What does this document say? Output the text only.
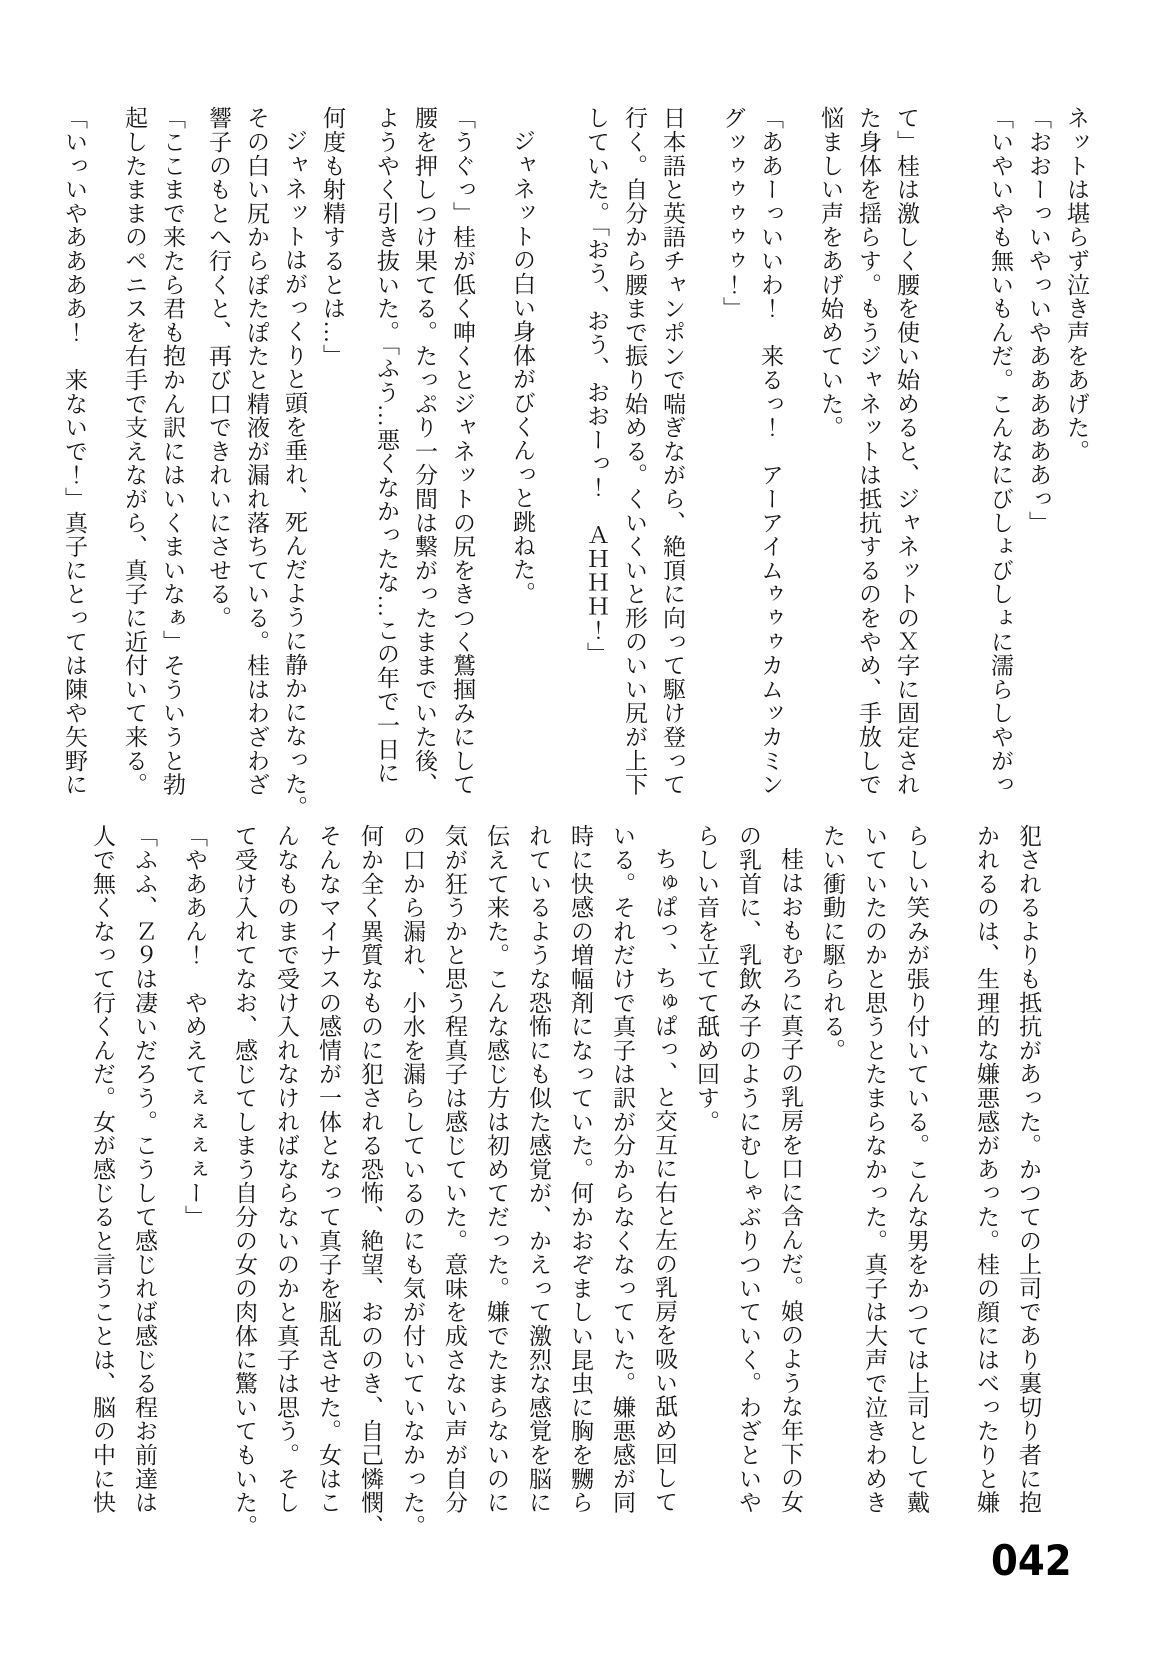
ネットは堪らず泣き声をあげた。
「おおーっいやっいやああああああっ」
「いやいやも無いもんだ。こんなにびしょびしょに濡らしやがっ
て」桂は激しく腰を使い始めると、ジャネットのＸ字に固定され
た身体を揺らす。もうジャネットは抵抗するのをやめ、手放しで
悩ましい声をあげ始めていた。
「ああーっいいわ！　来るっ！　アーアイムゥゥゥカムッカミン
グッゥゥゥゥゥ！」
日本語と英語チャンポンで喘ぎながら、絶頂に向って駆け登って
行く。自分から腰まで振り始める。くいくいと形のいい尻が上下
していた。「おう、おう、おおーっ！　ＡＨＨＨ！」
ジャネットの白い身体がびくんっと跳ねた。
「うぐっ」桂が低く呻くとジャネットの尻をきつく鷲掴みにして
腰を押しつけ果てる。たっぷり一分間は繋がったままでいた後、
ようやく引き抜いた。「ふう…悪くなかったな…この年で一日に
何度も射精するとは…」
ジャネットはがっくりと頭を垂れ、死んだように静かになった。
その白い尻からぽたぽたと精液が漏れ落ちている。桂はわざわざ
響子のもとへ行くと、再び口できれいにさせる。
「ここまで来たら君も抱かん訳にはいくまいなぁ」そういうと勃
起したままのペニスを右手で支えながら、真子に近付いて来る。
「いっいやああああ！　来ないで！」真子にとっては陳や矢野に
犯されるよりも抵抗があった。かつての上司であり裏切り者に抱
かれるのは、生理的な嫌悪感があった。桂の顔にはべったりと嫌
らしい笑みが張り付いている。こんな男をかつては上司として戴
いていたのかと思うとたまらなかった。真子は大声で泣きわめき
たい衝動に駆られる。
桂はおもむろに真子の乳房を口に含んだ。娘のような年下の女
の乳首に、乳飲み子のようにむしゃぶりついていく。わざといや
らしい音を立てて舐め回す。
ちゅぱっ、ちゅぱっ、と交互に右と左の乳房を吸い舐め回して
いる。それだけで真子は訳が分からなくなっていた。嫌悪感が同
時に快感の増幅剤になっていた。何かおぞましい昆虫に胸を嬲ら
れているような恐怖にも似た感覚が、かえって激烈な感覚を脳に
伝えて来た。こんな感じ方は初めてだった。嫌でたまらないのに
気が狂うかと思う程真子は感じていた。意味を成さない声が自分
の口から漏れ、小水を漏らしているのにも気が付いていなかった。
何か全く異質なものに犯される恐怖、絶望、おののき、自己憐憫、
そんなマイナスの感情が一体となって真子を脳乱させた。女はこ
んなものまで受け入れなければならないのかと真子は思う。そし
て受け入れてなお、感じてしまう自分の女の肉体に驚いてもいた。
「やああん！　やめえてぇぇぇぇー」
「ふふ、Ｚ９は凄いだろう。こうして感じれば感じる程お前達は
人で無くなって行くんだ。女が感じると言うことは、脳の中に快
042
